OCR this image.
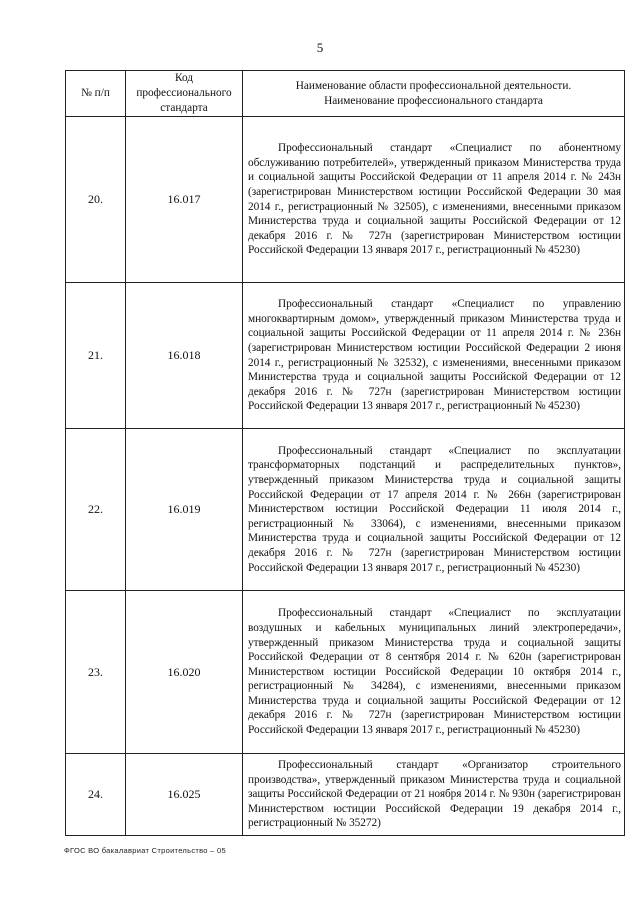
5
№ п/п	Код профессионального стандарта	Наименование области профессиональной деятельности. Наименование профессионального стандарта
20.	16.017	Профессиональный стандарт «Специалист по абонентному обслуживанию потребителей», утвержденный приказом Министерства труда и социальной защиты Российской Федерации от 11 апреля 2014 г. № 243н (зарегистрирован Министерством юстиции Российской Федерации 30 мая 2014 г., регистрационный № 32505), с изменениями, внесенными приказом Министерства труда и социальной защиты Российской Федерации от 12 декабря 2016 г. № 727н (зарегистрирован Министерством юстиции Российской Федерации 13 января 2017 г., регистрационный № 45230)
21.	16.018	Профессиональный стандарт «Специалист по управлению многоквартирным домом», утвержденный приказом Министерства труда и социальной защиты Российской Федерации от 11 апреля 2014 г. № 236н (зарегистрирован Министерством юстиции Российской Федерации 2 июня 2014 г., регистрационный № 32532), с изменениями, внесенными приказом Министерства труда и социальной защиты Российской Федерации от 12 декабря 2016 г. № 727н (зарегистрирован Министерством юстиции Российской Федерации 13 января 2017 г., регистрационный № 45230)
22.	16.019	Профессиональный стандарт «Специалист по эксплуатации трансформаторных подстанций и распределительных пунктов», утвержденный приказом Министерства труда и социальной защиты Российской Федерации от 17 апреля 2014 г. № 266н (зарегистрирован Министерством юстиции Российской Федерации 11 июля 2014 г., регистрационный № 33064), с изменениями, внесенными приказом Министерства труда и социальной защиты Российской Федерации от 12 декабря 2016 г. № 727н (зарегистрирован Министерством юстиции Российской Федерации 13 января 2017 г., регистрационный № 45230)
23.	16.020	Профессиональный стандарт «Специалист по эксплуатации воздушных и кабельных муниципальных линий электропередачи», утвержденный приказом Министерства труда и социальной защиты Российской Федерации от 8 сентября 2014 г. № 620н (зарегистрирован Министерством юстиции Российской Федерации 10 октября 2014 г., регистрационный № 34284), с изменениями, внесенными приказом Министерства труда и социальной защиты Российской Федерации от 12 декабря 2016 г. № 727н (зарегистрирован Министерством юстиции Российской Федерации 13 января 2017 г., регистрационный № 45230)
24.	16.025	Профессиональный стандарт «Организатор строительного производства», утвержденный приказом Министерства труда и социальной защиты Российской Федерации от 21 ноября 2014 г. № 930н (зарегистрирован Министерством юстиции Российской Федерации 19 декабря 2014 г., регистрационный № 35272)
ФГОС ВО бакалавриат Строительство – 05
